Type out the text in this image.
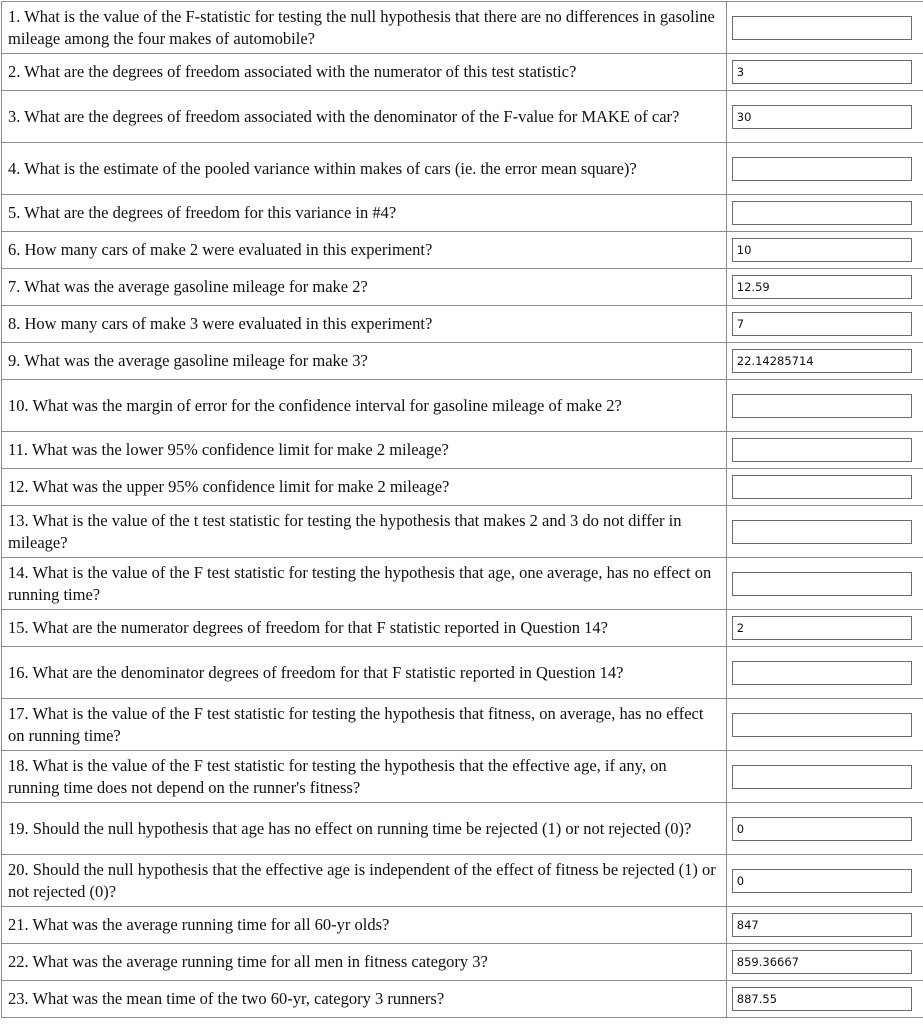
1. What is the value of the F-statistic for testing the null hypothesis that there are no differences in gasoline mileage among the four makes of automobile?	

2. What are the degrees of freedom associated with the numerator of this test statistic?	3

3. What are the degrees of freedom associated with the denominator of the F-value for MAKE of car?	30

4. What is the estimate of the pooled variance within makes of cars (ie. the error mean square)?	

5. What are the degrees of freedom for this variance in #4?	

6. How many cars of make 2 were evaluated in this experiment?	10

7. What was the average gasoline mileage for make 2?	12.59

8. How many cars of make 3 were evaluated in this experiment?	7

9. What was the average gasoline mileage for make 3?	22.14285714

10. What was the margin of error for the confidence interval for gasoline mileage of make 2?	

11. What was the lower 95% confidence limit for make 2 mileage?	

12. What was the upper 95% confidence limit for make 2 mileage?	

13. What is the value of the t test statistic for testing the hypothesis that makes 2 and 3 do not differ in mileage?	

14. What is the value of the F test statistic for testing the hypothesis that age, one average, has no effect on running time?	

15. What are the numerator degrees of freedom for that F statistic reported in Question 14?	2

16. What are the denominator degrees of freedom for that F statistic reported in Question 14?	

17. What is the value of the F test statistic for testing the hypothesis that fitness, on average, has no effect on running time?	

18. What is the value of the F test statistic for testing the hypothesis that the effective age, if any, on running time does not depend on the runner's fitness?	

19. Should the null hypothesis that age has no effect on running time be rejected (1) or not rejected (0)?	0

20. Should the null hypothesis that the effective age is independent of the effect of fitness be rejected (1) or not rejected (0)?	0

21. What was the average running time for all 60-yr olds?	847

22. What was the average running time for all men in fitness category 3?	859.36667

23. What was the mean time of the two 60-yr, category 3 runners?	887.55
